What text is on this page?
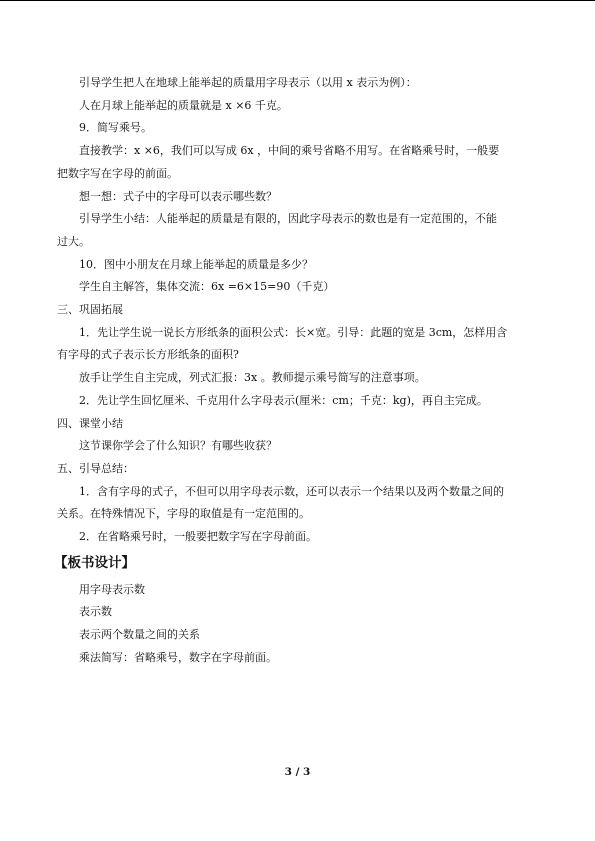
引导学生把人在地球上能举起的质量用字母表示（以用 x 表示为例）：

人在月球上能举起的质量就是 x ×6 千克。

9．简写乘号。

直接教学：x ×6，我们可以写成 6x ，中间的乘号省略不用写。在省略乘号时，一般要

把数字写在字母的前面。

想一想：式子中的字母可以表示哪些数？

引导学生小结：人能举起的质量是有限的，因此字母表示的数也是有一定范围的，不能

过大。

10．图中小朋友在月球上能举起的质量是多少？

学生自主解答，集体交流：6x =6×15=90（千克）

三、巩固拓展

1．先让学生说一说长方形纸条的面积公式：长×宽。引导：此题的宽是 3cm，怎样用含

有字母的式子表示长方形纸条的面积?

放手让学生自主完成，列式汇报：3x 。教师提示乘号简写的注意事项。

2．先让学生回忆厘米、千克用什么字母表示(厘米：cm；千克：kg)，再自主完成。

四、课堂小结

这节课你学会了什么知识？有哪些收获？

五、引导总结：

1．含有字母的式子，不但可以用字母表示数，还可以表示一个结果以及两个数量之间的

关系。在特殊情况下，字母的取值是有一定范围的。

2．在省略乘号时，一般要把数字写在字母前面。

【板书设计】

用字母表示数

表示数

表示两个数量之间的关系

乘法简写：省略乘号，数字在字母前面。

3 / 3
